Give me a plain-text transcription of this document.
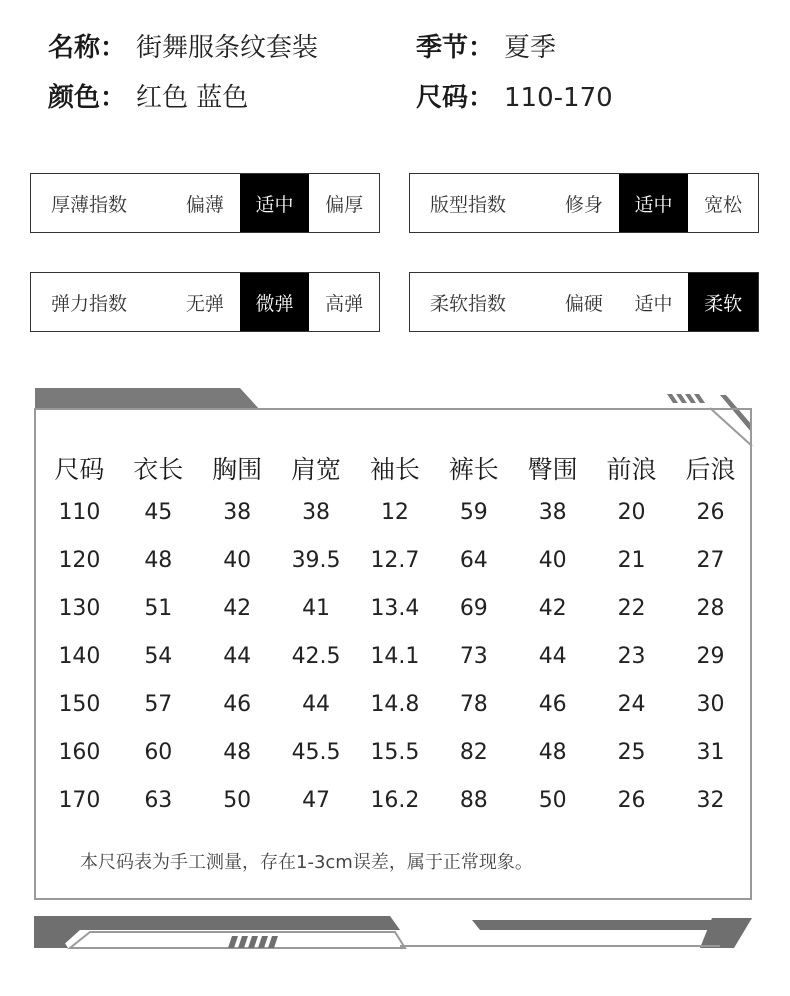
名称： 街舞服条纹套装	季节： 夏季
颜色： 红色 蓝色	尺码： 110-170
厚薄指数	偏薄	适中	偏厚	版型指数	修身	适中	宽松
弹力指数	无弹	微弹	高弹	柔软指数	偏硬	适中	柔软
尺码	衣长	胸围	肩宽	袖长	裤长	臀围	前浪	后浪
110	45	38	38	12	59	38	20	26
120	48	40	39.5	12.7	64	40	21	27
130	51	42	41	13.4	69	42	22	28
140	54	44	42.5	14.1	73	44	23	29
150	57	46	44	14.8	78	46	24	30
160	60	48	45.5	15.5	82	48	25	31
170	63	50	47	16.2	88	50	26	32
本尺码表为手工测量，存在1-3cm误差，属于正常现象。
